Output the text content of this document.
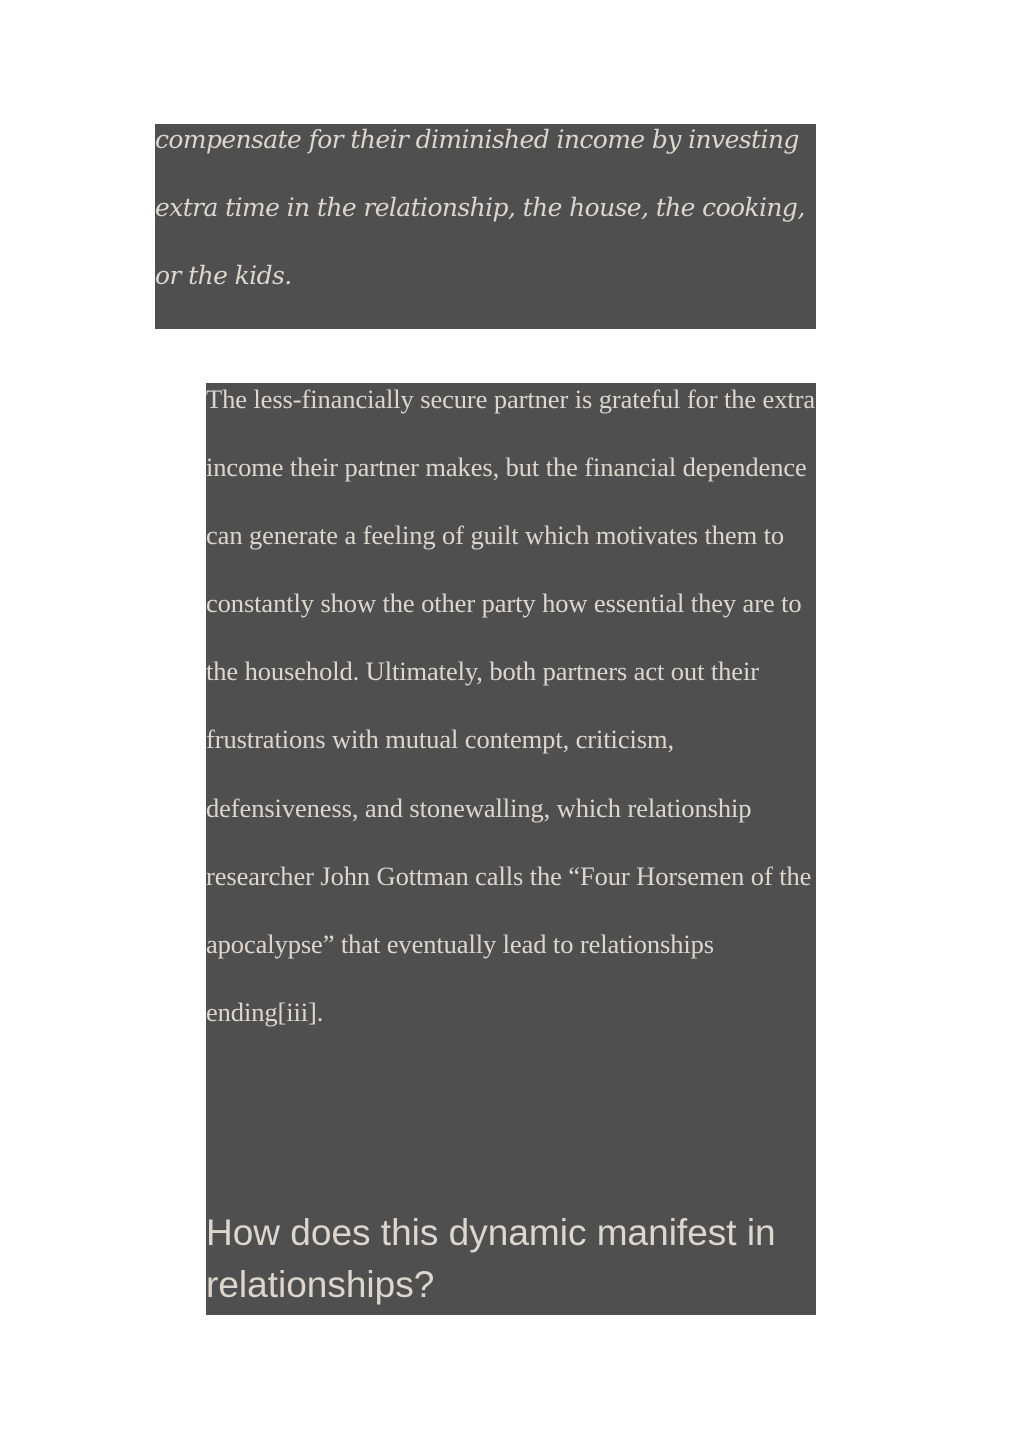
compensate for their diminished income by investing extra time in the relationship, the house, the cooking, or the kids.

The less-financially secure partner is grateful for the extra income their partner makes, but the financial dependence can generate a feeling of guilt which motivates them to constantly show the other party how essential they are to the household. Ultimately, both partners act out their frustrations with mutual contempt, criticism, defensiveness, and stonewalling, which relationship researcher John Gottman calls the “Four Horsemen of the apocalypse” that eventually lead to relationships ending[iii].

How does this dynamic manifest in relationships?
